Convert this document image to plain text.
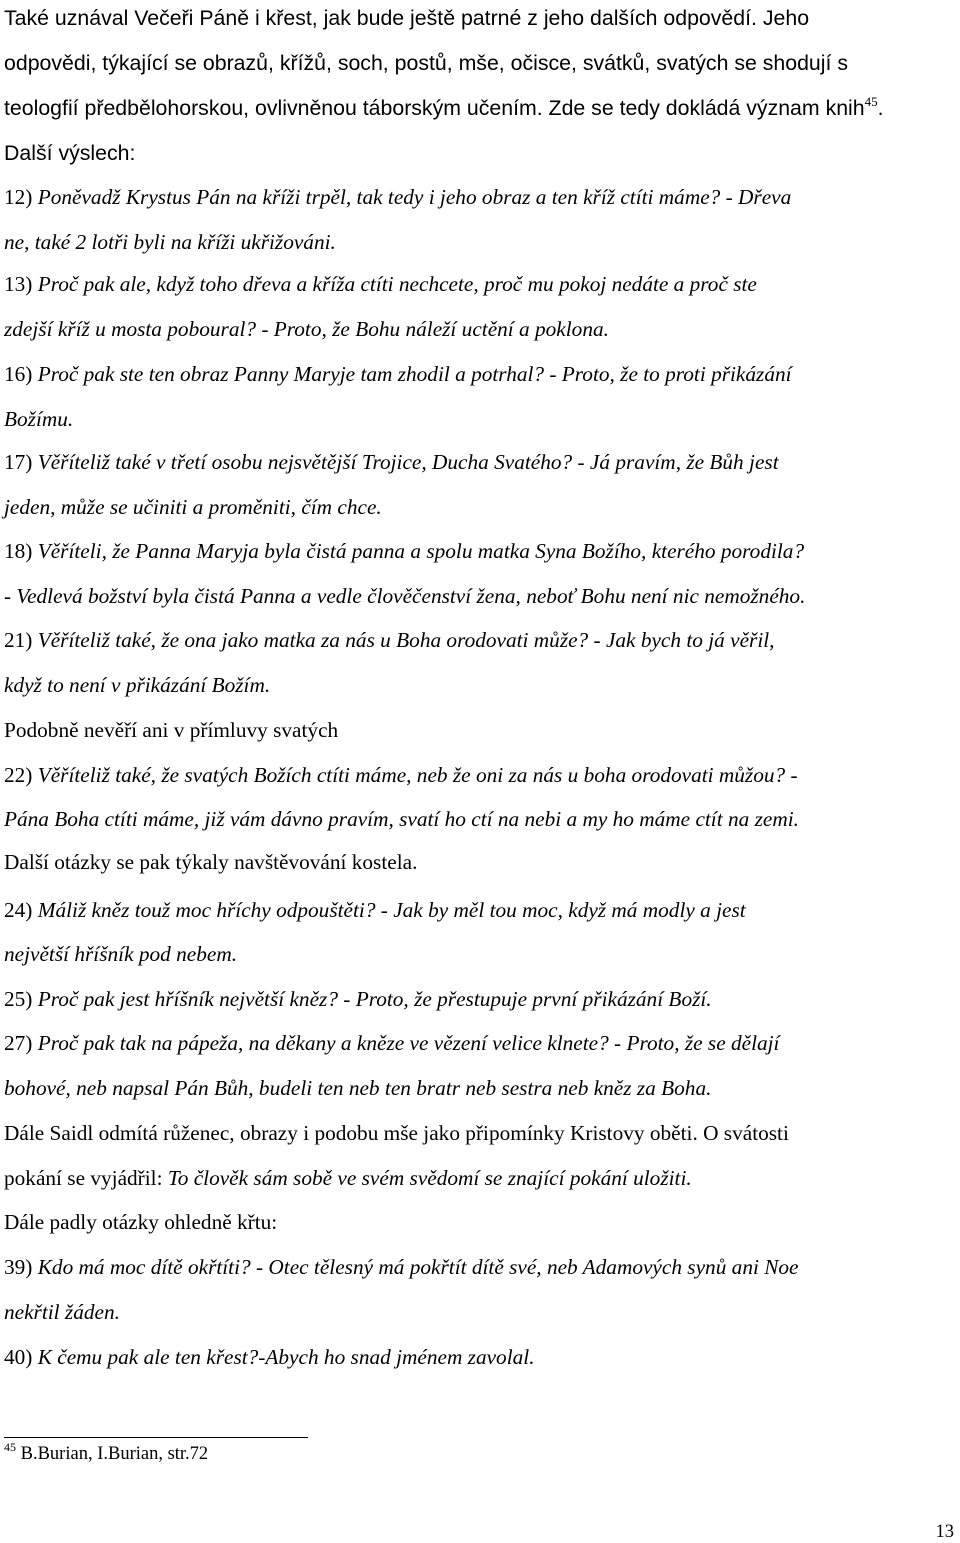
Také uznával Večeři Páně i křest, jak bude ještě patrné z jeho dalších odpovědí. Jeho
odpovědi, týkající se obrazů, křížů, soch, postů, mše, očisce, svátků, svatých se shodují s
teologfií předbělohorskou, ovlivněnou táborským učením. Zde se tedy dokládá význam knih$^{45}$.
Další výslech:
12) Poněvadž Krystus Pán na kříži trpěl, tak tedy i jeho obraz a ten kříž ctíti máme? - Dřeva
ne, také 2 lotři byli na kříži ukřižováni.
13) Proč pak ale, když toho dřeva a kříža ctíti nechcete, proč mu pokoj nedáte a proč ste
zdejší kříž u mosta poboural? - Proto, že Bohu náleží uctění a poklona.
16) Proč pak ste ten obraz Panny Maryje tam zhodil a potrhal? - Proto, že to proti přikázání
Božímu.
17) Věříteliž také v třetí osobu nejsvětější Trojice, Ducha Svatého? - Já pravím, že Bůh jest
jeden, může se učiniti a proměniti, čím chce.
18) Věříteli, že Panna Maryja byla čistá panna a spolu matka Syna Božího, kterého porodila?
- Vedlevá božství byla čistá Panna a vedle člověčenství žena, neboť Bohu není nic nemožného.
21) Věříteliž také, že ona jako matka za nás u Boha orodovati může? - Jak bych to já věřil,
když to není v přikázání Božím.
Podobně nevěří ani v přímluvy svatých
22) Věříteliž také, že svatých Božích ctíti máme, neb že oni za nás u boha orodovati můžou? -
Pána Boha ctíti máme, již vám dávno pravím, svatí ho ctí na nebi a my ho máme ctít na zemi.
Další otázky se pak týkaly navštěvování kostela.
24) Máliž kněz touž moc hříchy odpouštěti? - Jak by měl tou moc, když má modly a jest
největší hříšník pod nebem.
25) Proč pak jest hříšník největší kněz? - Proto, že přestupuje první přikázání Boží.
27) Proč pak tak na pápeža, na děkany a kněze ve vězení velice klnete? - Proto, že se dělají
bohové, neb napsal Pán Bůh, budeli ten neb ten bratr neb sestra neb kněz za Boha.
Dále Saidl odmítá růženec, obrazy i podobu mše jako připomínky Kristovy oběti. O svátosti
pokání se vyjádřil: To člověk sám sobě ve svém svědomí se znající pokání uložiti.
Dále padly otázky ohledně křtu:
39) Kdo má moc dítě okřtíti? - Otec tělesný má pokřtít dítě své, neb Adamových synů ani Noe
nekřtil žáden.
40) K čemu pak ale ten křest?-Abych ho snad jménem zavolal.
$^{45}$ B.Burian, I.Burian, str.72
13
